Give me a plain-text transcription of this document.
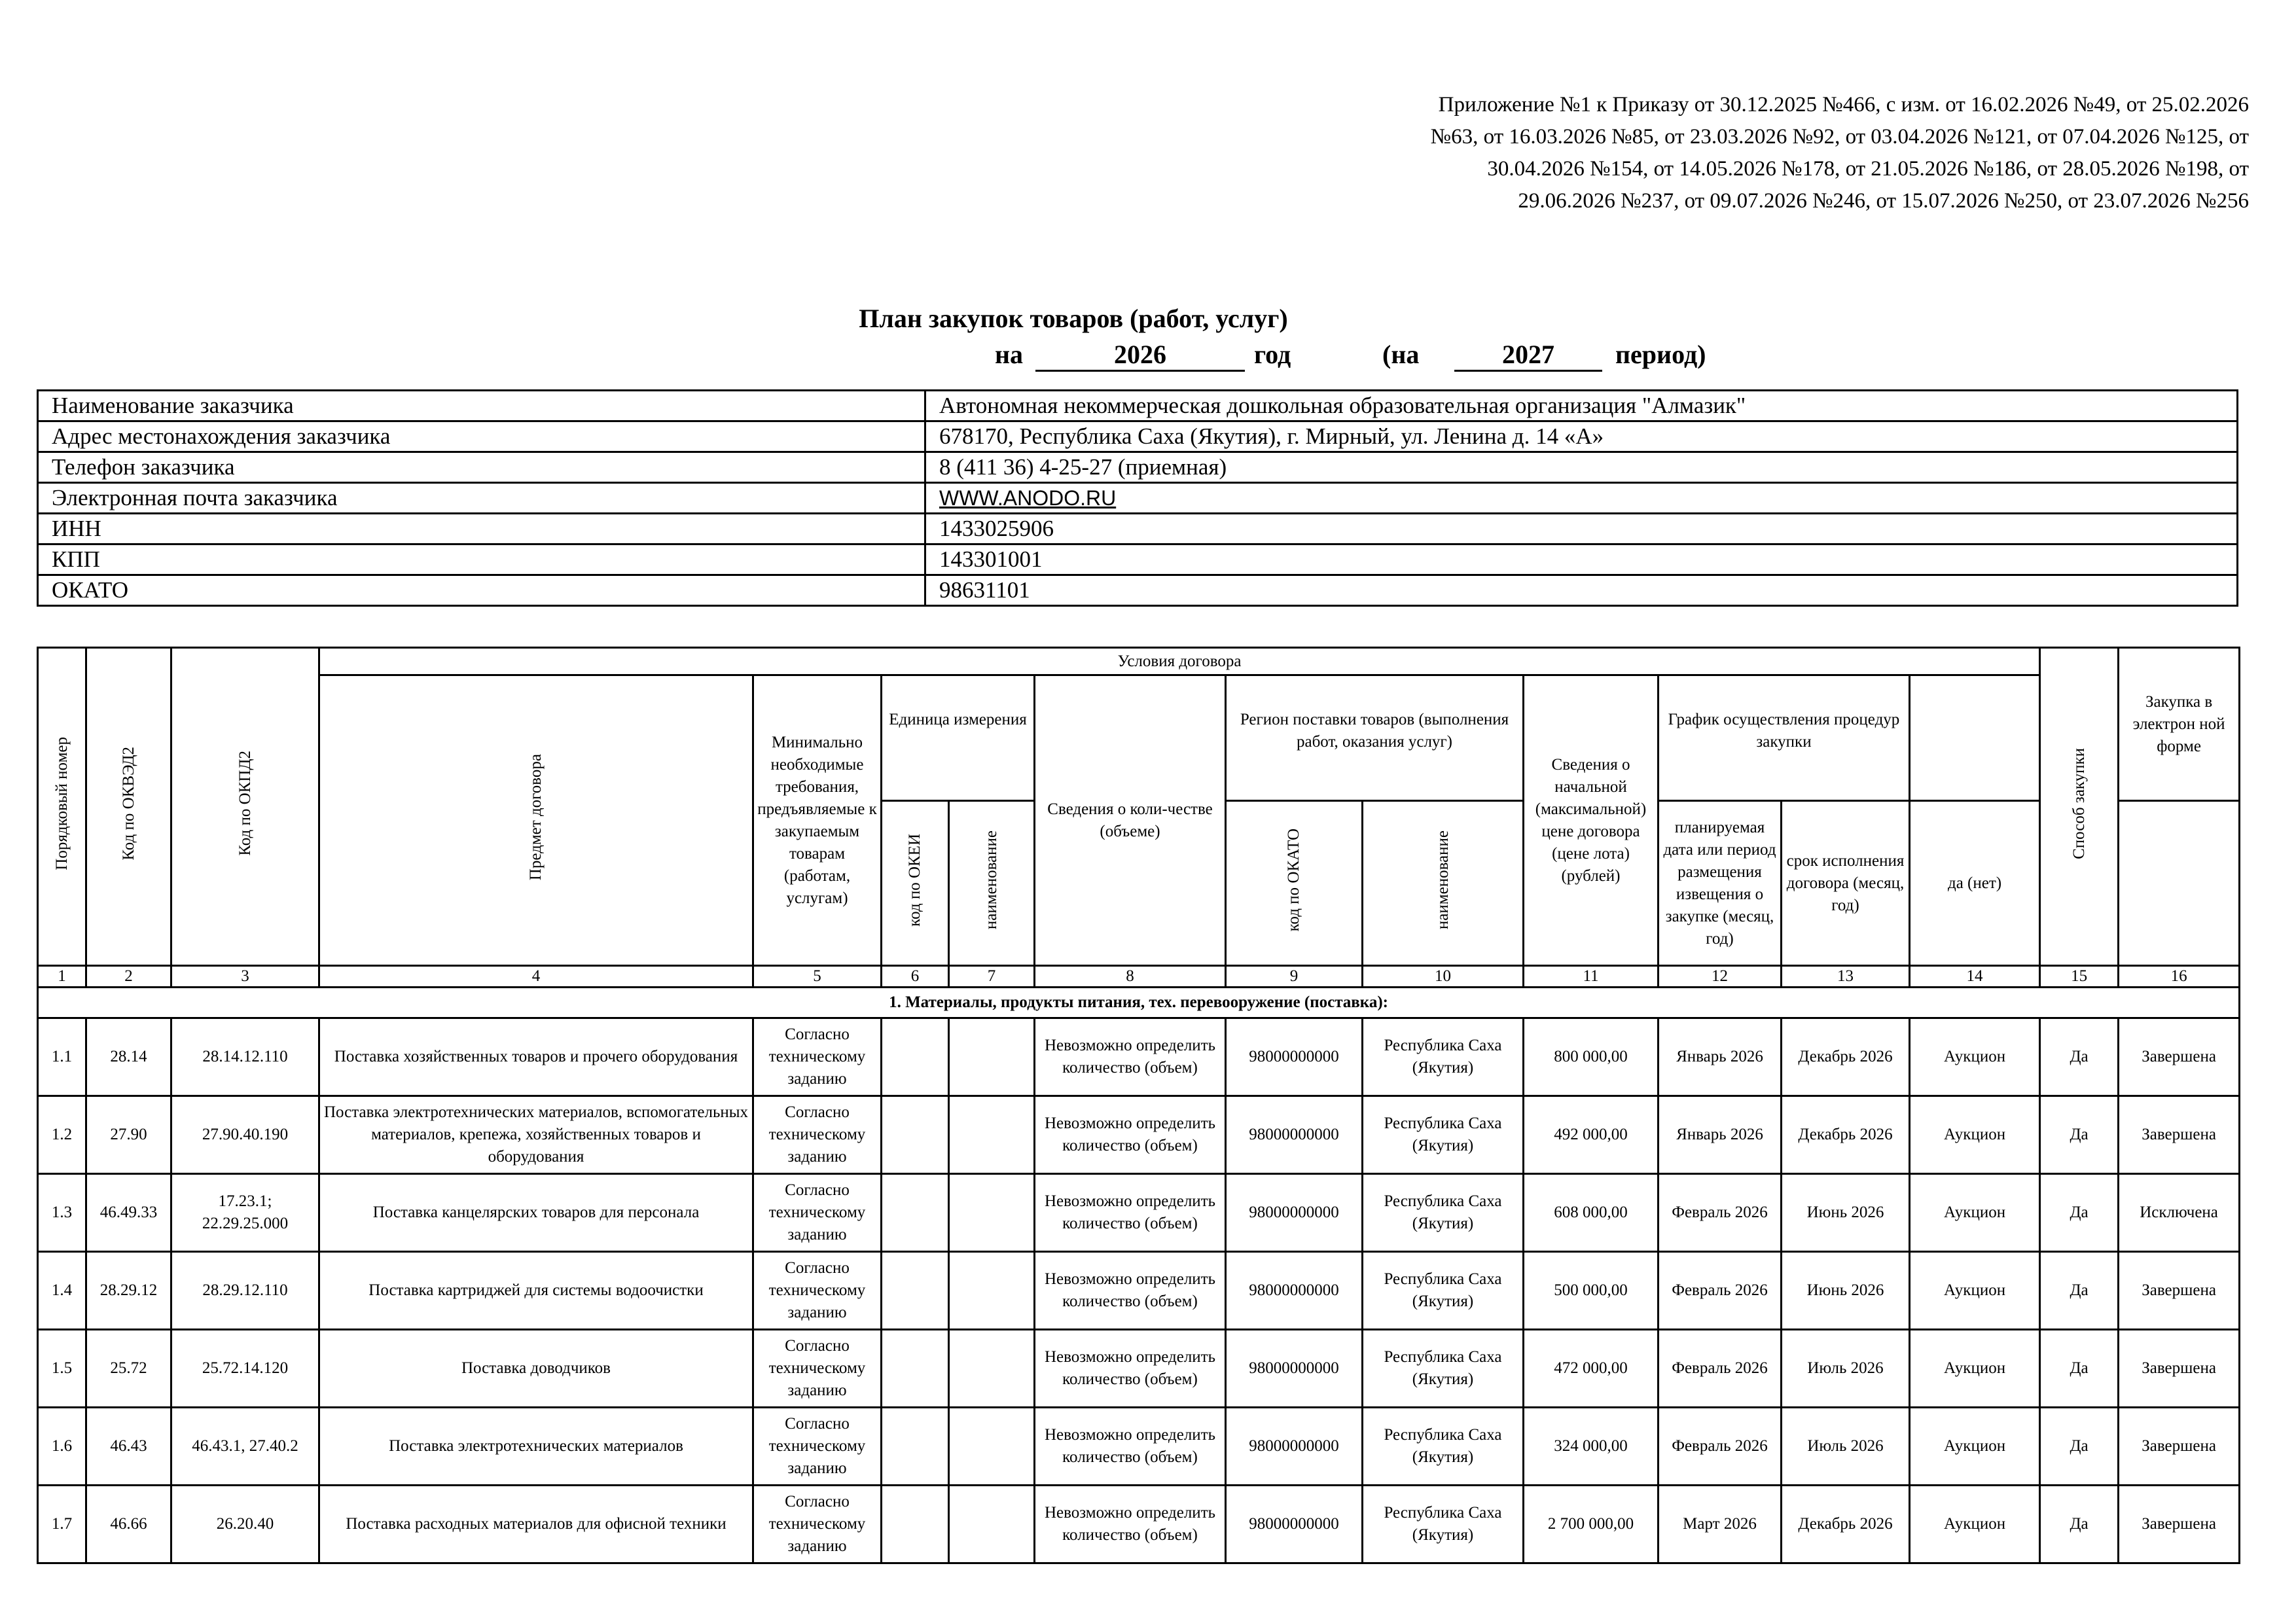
Приложение №1 к Приказу от 30.12.2025 №466, с изм. от 16.02.2026 №49, от 25.02.2026
№63, от 16.03.2026 №85, от 23.03.2026 №92, от 03.04.2026 №121, от 07.04.2026 №125, от
30.04.2026 №154, от 14.05.2026 №178, от 21.05.2026 №186, от 28.05.2026 №198, от
29.06.2026 №237, от 09.07.2026 №246, от 15.07.2026 №250, от 23.07.2026 №256
План закупок товаров (работ, услуг)
на	2026	год	(на	2027	период)
Наименование заказчика	Автономная некоммерческая дошкольная образовательная организация "Алмазик"
Адрес местонахождения заказчика	678170, Республика Саха (Якутия), г. Мирный, ул. Ленина д. 14 «А»
Телефон заказчика	8 (411 36) 4-25-27 (приемная)
Электронная почта заказчика	WWW.ANODO.RU
ИНН	1433025906
КПП	143301001
ОКАТО	98631101
Порядковый номер	Код по ОКВЭД2	Код по ОКПД2	Условия договора											Способ закупки	Закупка в электрон ной форме	
			Предмет договора	Минимально необходимые требования, предъявляемые к закупаемым товарам (работам, услугам)	Единица измерения		Сведения о коли-честве (объеме)	Регион поставки товаров (выполнения работ, оказания услуг)		Сведения о начальной (максимальной) цене договора (цене лота) (рублей)	График осуществления процедур закупки					
					код по ОКЕИ	наименование		код по ОКАТО	наименование		планируемая дата или период размещения извещения о закупке (месяц, год)	срок исполнения договора (месяц, год)	да (нет)			
1	2	3	4	5	6	7	8	9	10	11	12	13	14	15	16	
1. Материалы, продукты питания, тех. перевооружение (поставка):																
1.1	28.14	28.14.12.110	Поставка хозяйственных товаров и прочего оборудования	Согласно техническому заданию			Невозможно определить количество (объем)	98000000000	Республика Саха (Якутия)	800 000,00	Январь 2026	Декабрь 2026	Аукцион	Да	Завершена	
1.2	27.90	27.90.40.190	Поставка электротехнических материалов, вспомогательных материалов, крепежа, хозяйственных товаров и оборудования	Согласно техническому заданию			Невозможно определить количество (объем)	98000000000	Республика Саха (Якутия)	492 000,00	Январь 2026	Декабрь 2026	Аукцион	Да	Завершена	
1.3	46.49.33	17.23.1; 22.29.25.000	Поставка канцелярских товаров для персонала	Согласно техническому заданию			Невозможно определить количество (объем)	98000000000	Республика Саха (Якутия)	608 000,00	Февраль 2026	Июнь 2026	Аукцион	Да	Исключена	
1.4	28.29.12	28.29.12.110	Поставка картриджей для системы водоочистки	Согласно техническому заданию			Невозможно определить количество (объем)	98000000000	Республика Саха (Якутия)	500 000,00	Февраль 2026	Июнь 2026	Аукцион	Да	Завершена	
1.5	25.72	25.72.14.120	Поставка доводчиков	Согласно техническому заданию			Невозможно определить количество (объем)	98000000000	Республика Саха (Якутия)	472 000,00	Февраль 2026	Июль 2026	Аукцион	Да	Завершена	
1.6	46.43	46.43.1, 27.40.2	Поставка электротехнических материалов	Согласно техническому заданию			Невозможно определить количество (объем)	98000000000	Республика Саха (Якутия)	324 000,00	Февраль 2026	Июль 2026	Аукцион	Да	Завершена	
1.7	46.66	26.20.40	Поставка расходных материалов для офисной техники	Согласно техническому заданию			Невозможно определить количество (объем)	98000000000	Республика Саха (Якутия)	2 700 000,00	Март 2026	Декабрь 2026	Аукцион	Да	Завершена	
